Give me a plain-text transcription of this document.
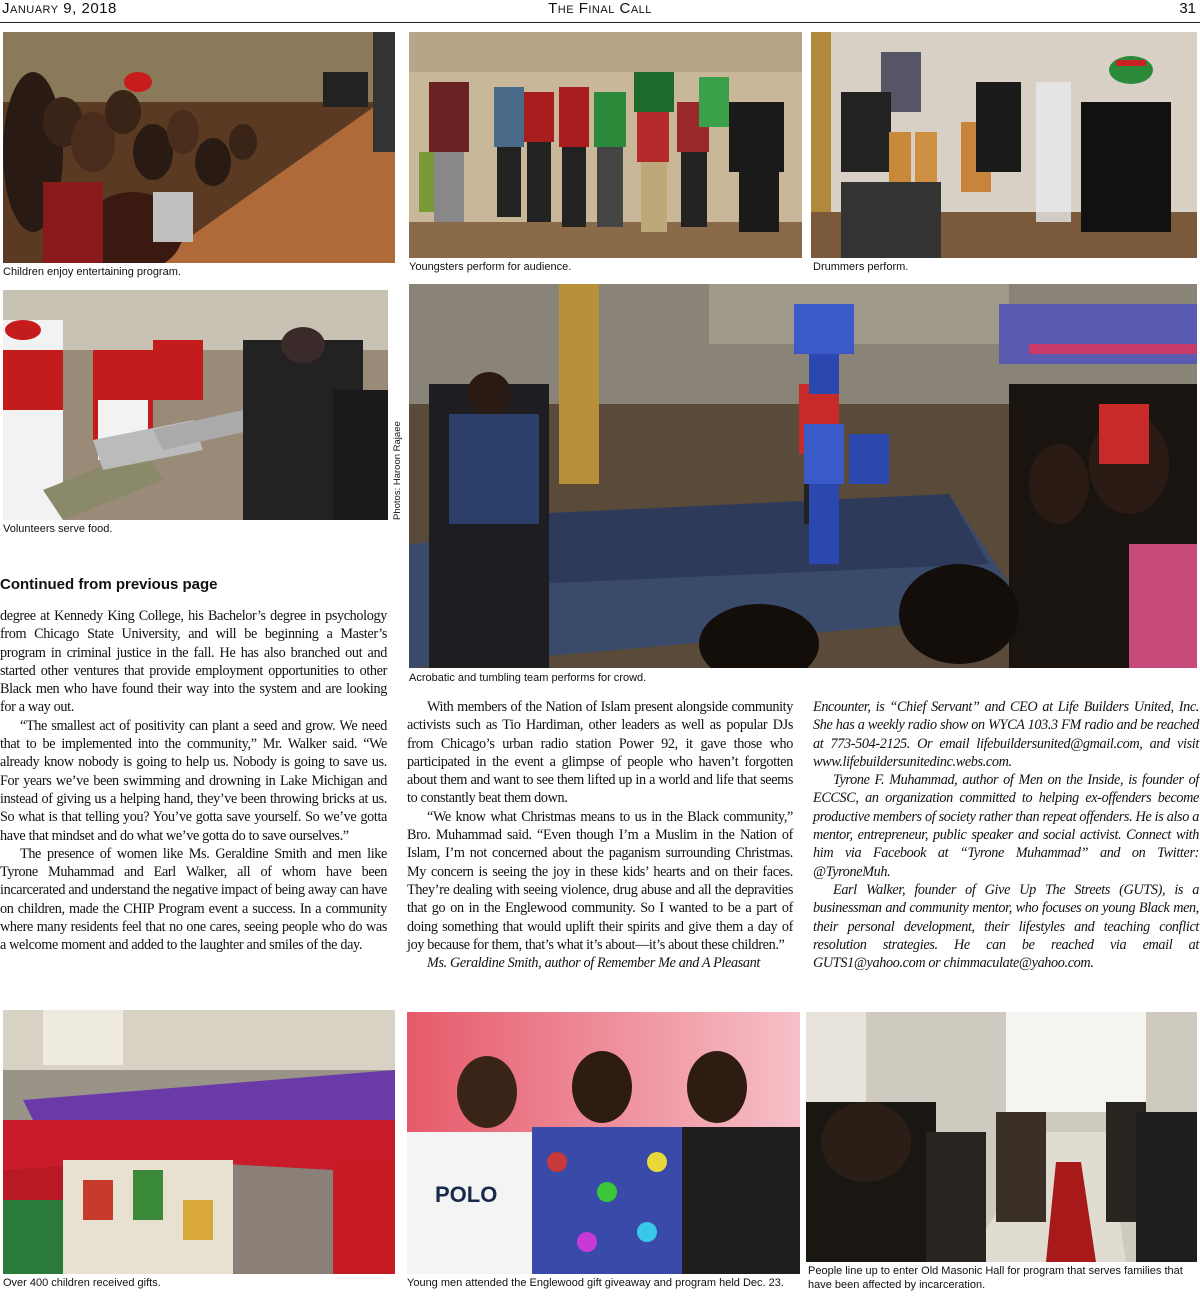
The Final Call
January 9, 2018	31
Children enjoy entertaining program.	Youngsters perform for audience.	Drummers perform.
Photos: Haroon Rajaee
Volunteers serve food.
Acrobatic and tumbling team performs for crowd.
Continued from previous page

degree at Kennedy King College, his Bachelor’s degree in psychology from Chicago State University, and will be beginning a Master’s program in criminal justice in the fall. He has also branched out and started other ventures that provide employment opportunities to other Black men who have found their way into the system and are looking for a way out.

“The smallest act of positivity can plant a seed and grow. We need that to be implemented into the community,” Mr. Walker said. “We already know nobody is going to help us. Nobody is going to save us. For years we’ve been swimming and drowning in Lake Michigan and instead of giving us a helping hand, they’ve been throwing bricks at us. So what is that telling you? You’ve gotta save yourself. So we’ve gotta have that mindset and do what we’ve gotta do to save ourselves.”

The presence of women like Ms. Geraldine Smith and men like Tyrone Muhammad and Earl Walker, all of whom have been incarcerated and understand the negative impact of being away can have on children, made the CHIP Program event a success. In a community where many residents feel that no one cares, seeing people who do was a welcome moment and added to the laughter and smiles of the day.

With members of the Nation of Islam present alongside community activists such as Tio Hardiman, other leaders as well as popular DJs from Chicago’s urban radio station Power 92, it gave those who participated in the event a glimpse of people who haven’t forgotten about them and want to see them lifted up in a world and life that seems to constantly beat them down.

“We know what Christmas means to us in the Black community,” Bro. Muhammad said. “Even though I’m a Muslim in the Nation of Islam, I’m not concerned about the paganism surrounding Christmas. My concern is seeing the joy in these kids’ hearts and on their faces. They’re dealing with seeing violence, drug abuse and all the depravities that go on in the Englewood community. So I wanted to be a part of doing something that would uplift their spirits and give them a day of joy because for them, that’s what it’s about—it’s about these children.”

Ms. Geraldine Smith, author of Remember Me and A Pleasant

Encounter, is “Chief Servant” and CEO at Life Builders United, Inc. She has a weekly radio show on WYCA 103.3 FM radio and be reached at 773-504-2125. Or email lifebuildersunited@gmail.com, and visit www.lifebuildersunitedinc.webs.com.

Tyrone F. Muhammad, author of Men on the Inside, is founder of ECCSC, an organization committed to helping ex-offenders become productive members of society rather than repeat offenders. He is also a mentor, entrepreneur, public speaker and social activist. Connect with him via Facebook at “Tyrone Muhammad” and on Twitter: @TyroneMuh.

Earl Walker, founder of Give Up The Streets (GUTS), is a businessman and community mentor, who focuses on young Black men, their personal development, their lifestyles and teaching conflict resolution strategies. He can be reached via email at GUTS1@yahoo.com or chimmaculate@yahoo.com.

Over 400 children received gifts.
POLO
Young men attended the Englewood gift giveaway and program held Dec. 23.
People line up to enter Old Masonic Hall for program that serves families that have been affected by incarceration.
